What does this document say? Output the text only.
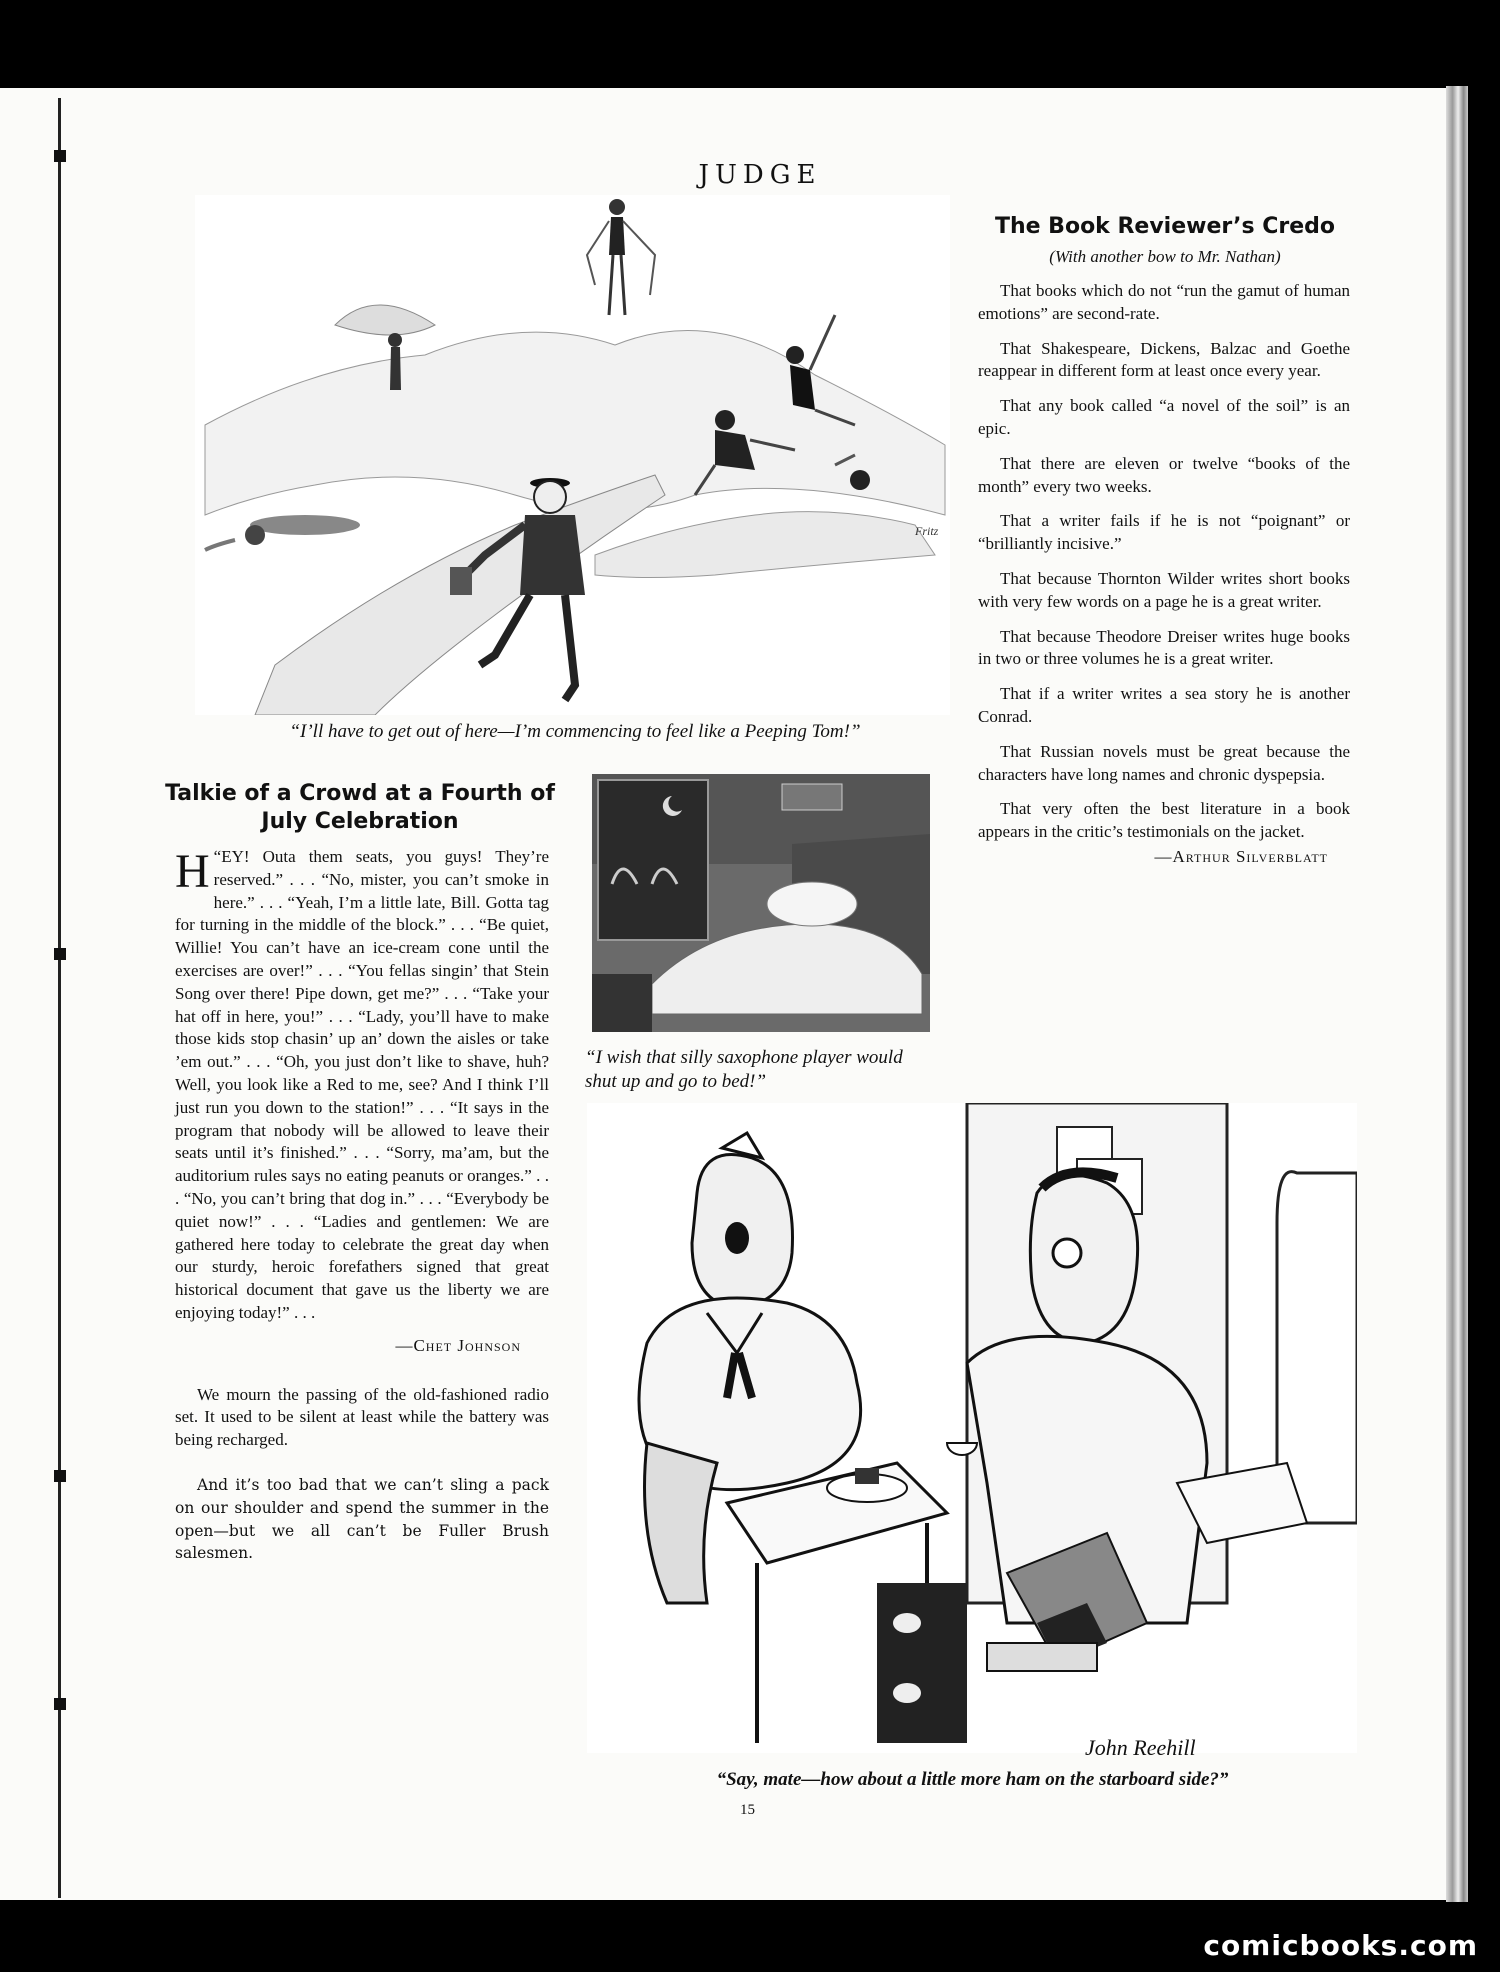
JUDGE
Fritz
“I’ll have to get out of here—I’m commencing to feel like a Peeping Tom!”
The Book Reviewer’s Credo
(With another bow to Mr. Nathan)

That books which do not “run the gamut of human emotions” are second-rate.

That Shakespeare, Dickens, Balzac and Goethe reappear in different form at least once every year.

That any book called “a novel of the soil” is an epic.

That there are eleven or twelve “books of the month” every two weeks.

That a writer fails if he is not “poignant” or “brilliantly incisive.”

That because Thornton Wilder writes short books with very few words on a page he is a great writer.

That because Theodore Dreiser writes huge books in two or three volumes he is a great writer.

That if a writer writes a sea story he is another Conrad.

That Russian novels must be great because the characters have long names and chronic dyspepsia.

That very often the best literature in a book appears in the critic’s testimonials on the jacket.

—Arthur Silverblatt
Talkie of a Crowd at a Fourth of July Celebration
H “EY! Outa them seats, you guys! They’re reserved.” . . . “No, mister, you can’t smoke in here.” . . . “Yeah, I’m a little late, Bill. Gotta tag for turning in the middle of the block.” . . . “Be quiet, Willie! You can’t have an ice-cream cone until the exercises are over!” . . . “You fellas singin’ that Stein Song over there! Pipe down, get me?” . . . “Take your hat off in here, you!” . . . “Lady, you’ll have to make those kids stop chasin’ up an’ down the aisles or take ’em out.” . . . “Oh, you just don’t like to shave, huh? Well, you look like a Red to me, see? And I think I’ll just run you down to the station!” . . . “It says in the program that nobody will be allowed to leave their seats until it’s finished.” . . . “Sorry, ma’am, but the auditorium rules says no eating peanuts or oranges.” . . . “No, you can’t bring that dog in.” . . . “Everybody be quiet now!” . . . “Ladies and gentlemen: We are gathered here today to celebrate the great day when our sturdy, heroic forefathers signed that great historical document that gave us the liberty we are enjoying today!” . . .
—Chet Johnson

We mourn the passing of the old-fashioned radio set. It used to be silent at least while the battery was being recharged.

And it’s too bad that we can’t sling a pack on our shoulder and spend the summer in the open—but we all can’t be Fuller Brush salesmen.

“I wish that silly saxophone player would shut up and go to bed!”
John Reehill
“Say, mate—how about a little more ham on the starboard side?”
15
comicbooks.com
